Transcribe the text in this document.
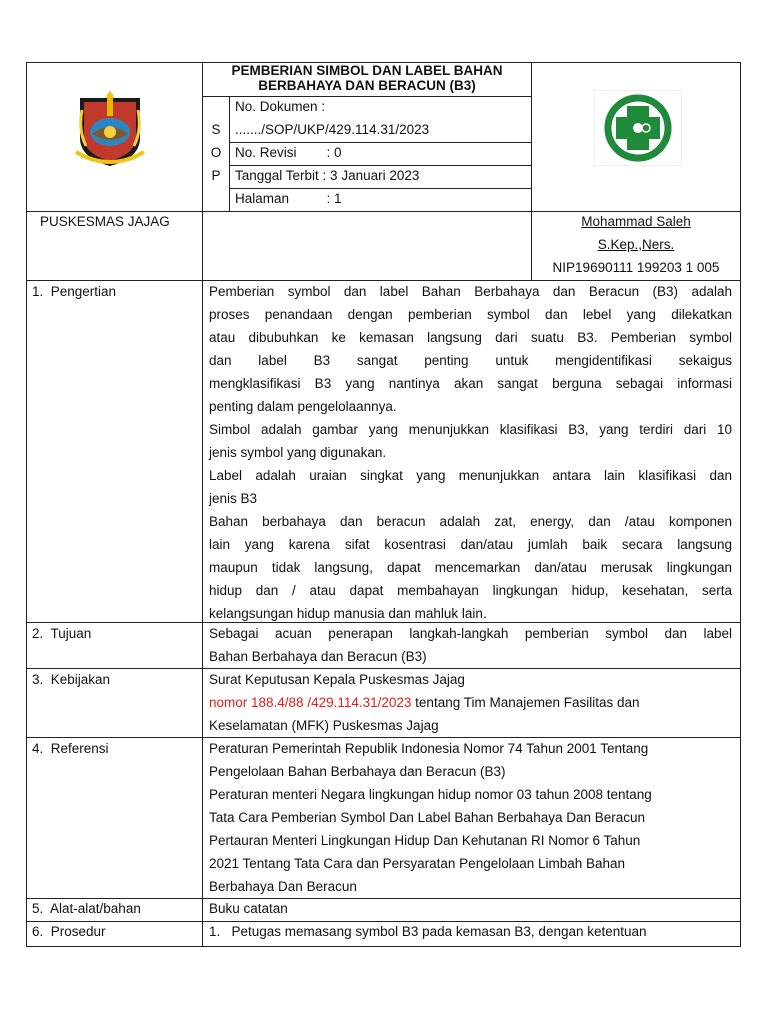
PEMBERIAN SIMBOL DAN LABEL BAHAN
BERBAHAYA DAN BERACUN (B3)
S
O
P
No. Dokumen :
......./SOP/UKP/429.114.31/2023
No. Revisi        : 0
Tanggal Terbit : 3 Januari 2023
Halaman          : 1
PUSKESMAS JAJAG	Mohammad Saleh
S.Kep.,Ners.
NIP19690111 199203 1 005
1.  Pengertian	Pemberian symbol dan label Bahan Berbahaya dan Beracun (B3) adalah
proses penandaan dengan pemberian symbol dan lebel yang dilekatkan
atau dibubuhkan ke kemasan langsung dari suatu B3. Pemberian symbol
dan label B3 sangat penting untuk mengidentifikasi sekaigus
mengklasifikasi B3 yang nantinya akan sangat berguna sebagai informasi
penting dalam pengelolaannya.
Simbol adalah gambar yang menunjukkan klasifikasi B3, yang terdiri dari 10
jenis symbol yang digunakan.
Label adalah uraian singkat yang menunjukkan antara lain klasifikasi dan
jenis B3
Bahan berbahaya dan beracun adalah zat, energy, dan /atau komponen
lain yang karena sifat kosentrasi dan/atau jumlah baik secara langsung
maupun tidak langsung, dapat mencemarkan dan/atau merusak lingkungan
hidup dan / atau dapat membahayan lingkungan hidup, kesehatan, serta
kelangsungan hidup manusia dan mahluk lain.
2.  Tujuan	Sebagai acuan penerapan langkah-langkah pemberian symbol dan label
Bahan Berbahaya dan Beracun (B3)
3.  Kebijakan	Surat Keputusan Kepala Puskesmas Jajag
nomor 188.4/88 /429.114.31/2023 tentang Tim Manajemen Fasilitas dan
Keselamatan (MFK) Puskesmas Jajag
4.  Referensi	Peraturan Pemerintah Republik Indonesia Nomor 74 Tahun 2001 Tentang
Pengelolaan Bahan Berbahaya dan Beracun (B3)
Peraturan menteri Negara lingkungan hidup nomor 03 tahun 2008 tentang
Tata Cara Pemberian Symbol Dan Label Bahan Berbahaya Dan Beracun
Pertauran Menteri Lingkungan Hidup Dan Kehutanan RI Nomor 6 Tahun
2021 Tentang Tata Cara dan Persyaratan Pengelolaan Limbah Bahan
Berbahaya Dan Beracun
5.  Alat-alat/bahan	Buku catatan
6.  Prosedur	1.   Petugas memasang symbol B3 pada kemasan B3, dengan ketentuan
